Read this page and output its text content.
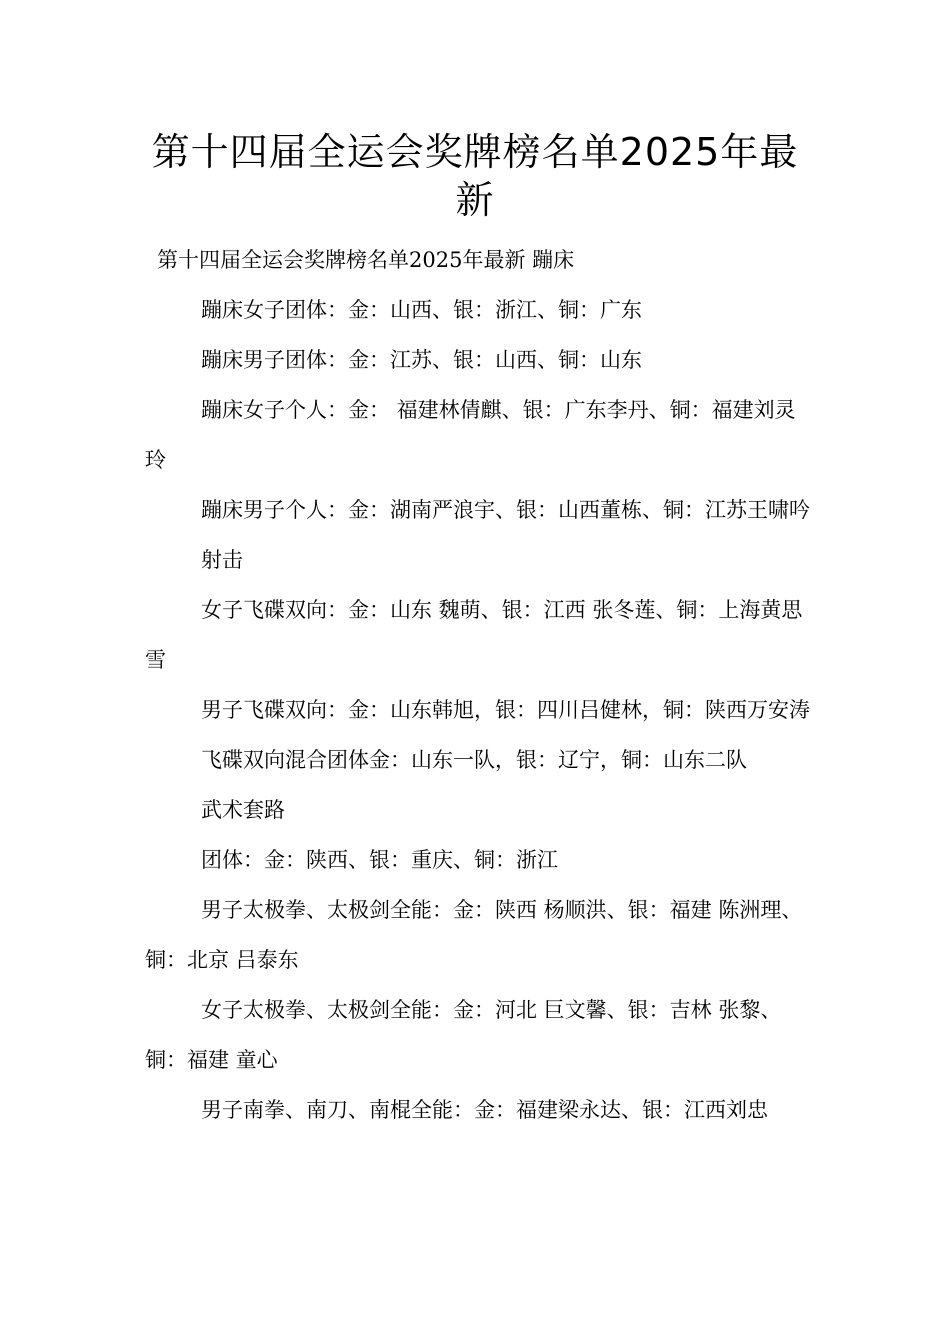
第十四届全运会奖牌榜名单2025年最新

第十四届全运会奖牌榜名单2025年最新 蹦床

蹦床女子团体：金：山西、银：浙江、铜：广东

蹦床男子团体：金：江苏、银：山西、铜：山东

蹦床女子个人：金： 福建林倩麒、银：广东李丹、铜：福建刘灵玲

蹦床男子个人：金：湖南严浪宇、银：山西董栋、铜：江苏王啸吟

射击

女子飞碟双向：金：山东 魏萌、银：江西 张冬莲、铜：上海黄思雪

男子飞碟双向：金：山东韩旭，银：四川吕健林，铜：陕西万安涛

飞碟双向混合团体金：山东一队，银：辽宁，铜：山东二队

武术套路

团体：金：陕西、银：重庆、铜：浙江

男子太极拳、太极剑全能：金：陕西 杨顺洪、银：福建 陈洲理、铜：北京 吕泰东

女子太极拳、太极剑全能：金：河北 巨文馨、银：吉林 张黎、铜：福建 童心

男子南拳、南刀、南棍全能：金：福建梁永达、银：江西刘忠
